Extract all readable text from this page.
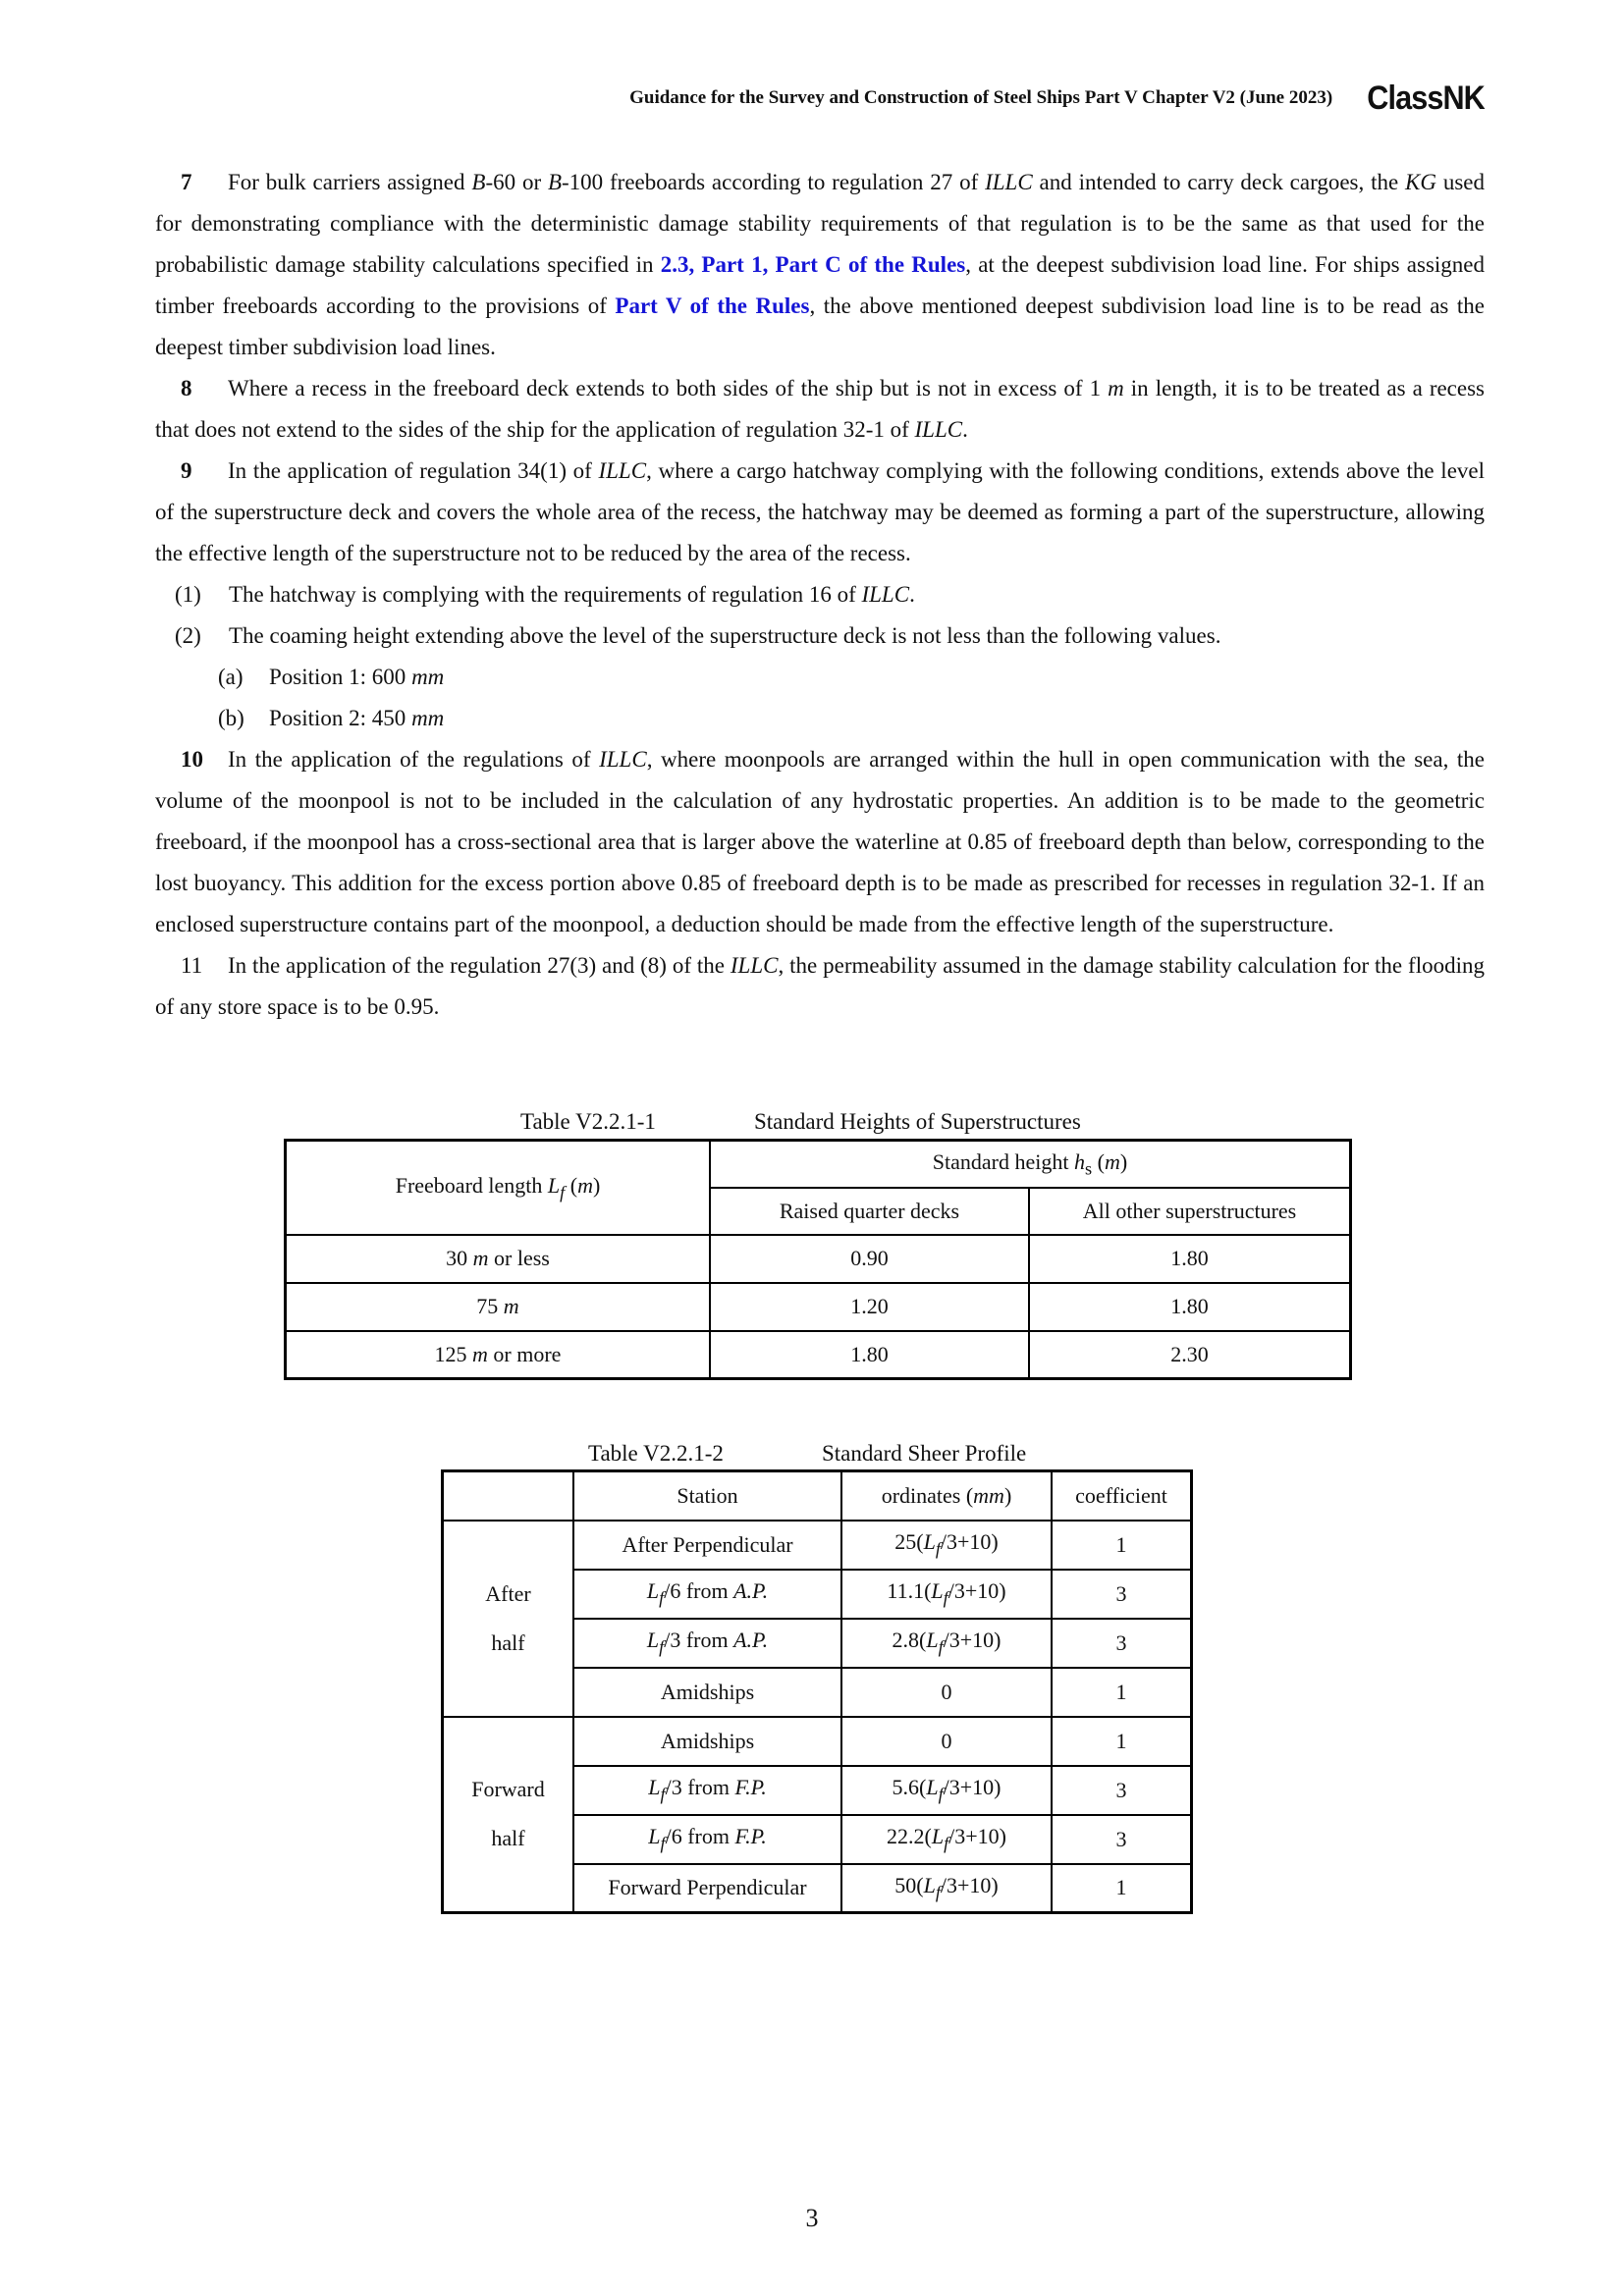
Guidance for the Survey and Construction of Steel Ships Part V Chapter V2 (June 2023) ClassNK

7 For bulk carriers assigned B-60 or B-100 freeboards according to regulation 27 of ILLC and intended to carry deck cargoes, the KG used for demonstrating compliance with the deterministic damage stability requirements of that regulation is to be the same as that used for the probabilistic damage stability calculations specified in 2.3, Part 1, Part C of the Rules, at the deepest subdivision load line. For ships assigned timber freeboards according to the provisions of Part V of the Rules, the above mentioned deepest subdivision load line is to be read as the deepest timber subdivision load lines.

8 Where a recess in the freeboard deck extends to both sides of the ship but is not in excess of 1 m in length, it is to be treated as a recess that does not extend to the sides of the ship for the application of regulation 32-1 of ILLC.

9 In the application of regulation 34(1) of ILLC, where a cargo hatchway complying with the following conditions, extends above the level of the superstructure deck and covers the whole area of the recess, the hatchway may be deemed as forming a part of the superstructure, allowing the effective length of the superstructure not to be reduced by the area of the recess.

(1) The hatchway is complying with the requirements of regulation 16 of ILLC.

(2) The coaming height extending above the level of the superstructure deck is not less than the following values.

(a) Position 1: 600 mm

(b) Position 2: 450 mm

10 In the application of the regulations of ILLC, where moonpools are arranged within the hull in open communication with the sea, the volume of the moonpool is not to be included in the calculation of any hydrostatic properties. An addition is to be made to the geometric freeboard, if the moonpool has a cross-sectional area that is larger above the waterline at 0.85 of freeboard depth than below, corresponding to the lost buoyancy. This addition for the excess portion above 0.85 of freeboard depth is to be made as prescribed for recesses in regulation 32-1. If an enclosed superstructure contains part of the moonpool, a deduction should be made from the effective length of the superstructure.

11 In the application of the regulation 27(3) and (8) of the ILLC, the permeability assumed in the damage stability calculation for the flooding of any store space is to be 0.95.

Table V2.2.1-1	Standard Heights of Superstructures
Freeboard length $L_f$ (m)	Standard height $h_s$ (m)	
	Raised quarter decks	All other superstructures
30 m or less	0.90	1.80
75 m	1.20	1.80
125 m or more	1.80	2.30
Table V2.2.1-2	Standard Sheer Profile
	Station	ordinates (mm)	coefficient
After
half	After Perpendicular	$25(L_f/3+10)$	1
	$L_f/6$ from A.P.	$11.1(L_f/3+10)$	3
	$L_f/3$ from A.P.	$2.8(L_f/3+10)$	3
	Amidships	0	1
Forward
half	Amidships	0	1
	$L_f/3$ from F.P.	$5.6(L_f/3+10)$	3
	$L_f/6$ from F.P.	$22.2(L_f/3+10)$	3
	Forward Perpendicular	$50(L_f/3+10)$	1
3
